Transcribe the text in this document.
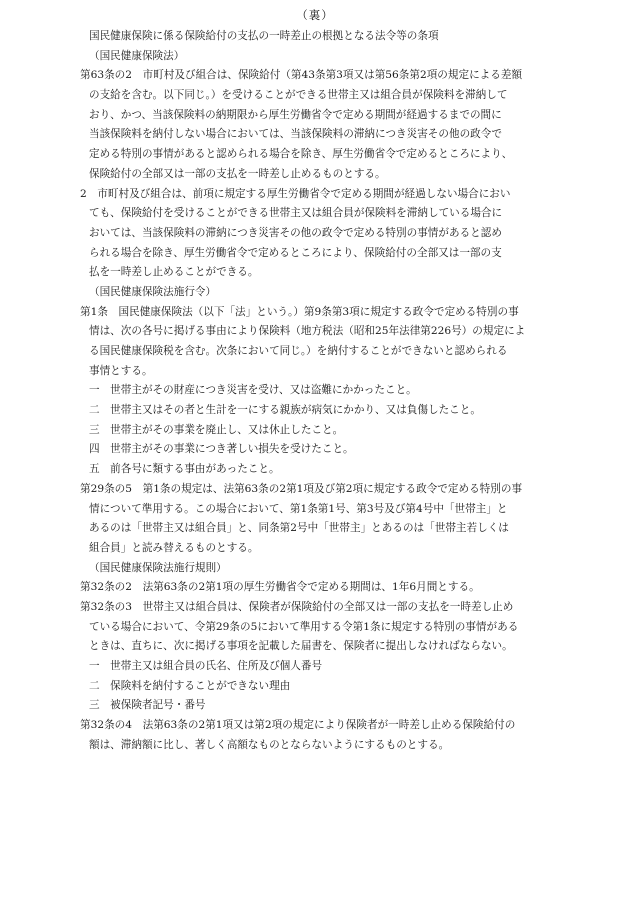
（裏）
国民健康保険に係る保険給付の支払の一時差止の根拠となる法令等の条項
（国民健康保険法）
第63条の2　市町村及び組合は、保険給付（第43条第3項又は第56条第2項の規定による差額
の支給を含む。以下同じ。）を受けることができる世帯主又は組合員が保険料を滞納して
おり、かつ、当該保険料の納期限から厚生労働省令で定める期間が経過するまでの間に
当該保険料を納付しない場合においては、当該保険料の滞納につき災害その他の政令で
定める特別の事情があると認められる場合を除き、厚生労働省令で定めるところにより、
保険給付の全部又は一部の支払を一時差し止めるものとする。
2　市町村及び組合は、前項に規定する厚生労働省令で定める期間が経過しない場合におい
ても、保険給付を受けることができる世帯主又は組合員が保険料を滞納している場合に
おいては、当該保険料の滞納につき災害その他の政令で定める特別の事情があると認め
られる場合を除き、厚生労働省令で定めるところにより、保険給付の全部又は一部の支
払を一時差し止めることができる。
（国民健康保険法施行令）
第1条　国民健康保険法（以下「法」という。）第9条第3項に規定する政令で定める特別の事
情は、次の各号に掲げる事由により保険料（地方税法（昭和25年法律第226号）の規定によ
る国民健康保険税を含む。次条において同じ。）を納付することができないと認められる
事情とする。
一　世帯主がその財産につき災害を受け、又は盗難にかかったこと。
二　世帯主又はその者と生計を一にする親族が病気にかかり、又は負傷したこと。
三　世帯主がその事業を廃止し、又は休止したこと。
四　世帯主がその事業につき著しい損失を受けたこと。
五　前各号に類する事由があったこと。
第29条の5　第1条の規定は、法第63条の2第1項及び第2項に規定する政令で定める特別の事
情について準用する。この場合において、第1条第1号、第3号及び第4号中「世帯主」と
あるのは「世帯主又は組合員」と、同条第2号中「世帯主」とあるのは「世帯主若しくは
組合員」と読み替えるものとする。
（国民健康保険法施行規則）
第32条の2　法第63条の2第1項の厚生労働省令で定める期間は、1年6月間とする。
第32条の3　世帯主又は組合員は、保険者が保険給付の全部又は一部の支払を一時差し止め
ている場合において、令第29条の5において準用する令第1条に規定する特別の事情がある
ときは、直ちに、次に掲げる事項を記載した届書を、保険者に提出しなければならない。
一　世帯主又は組合員の氏名、住所及び個人番号
二　保険料を納付することができない理由
三　被保険者記号・番号
第32条の4　法第63条の2第1項又は第2項の規定により保険者が一時差し止める保険給付の
額は、滞納額に比し、著しく高額なものとならないようにするものとする。
